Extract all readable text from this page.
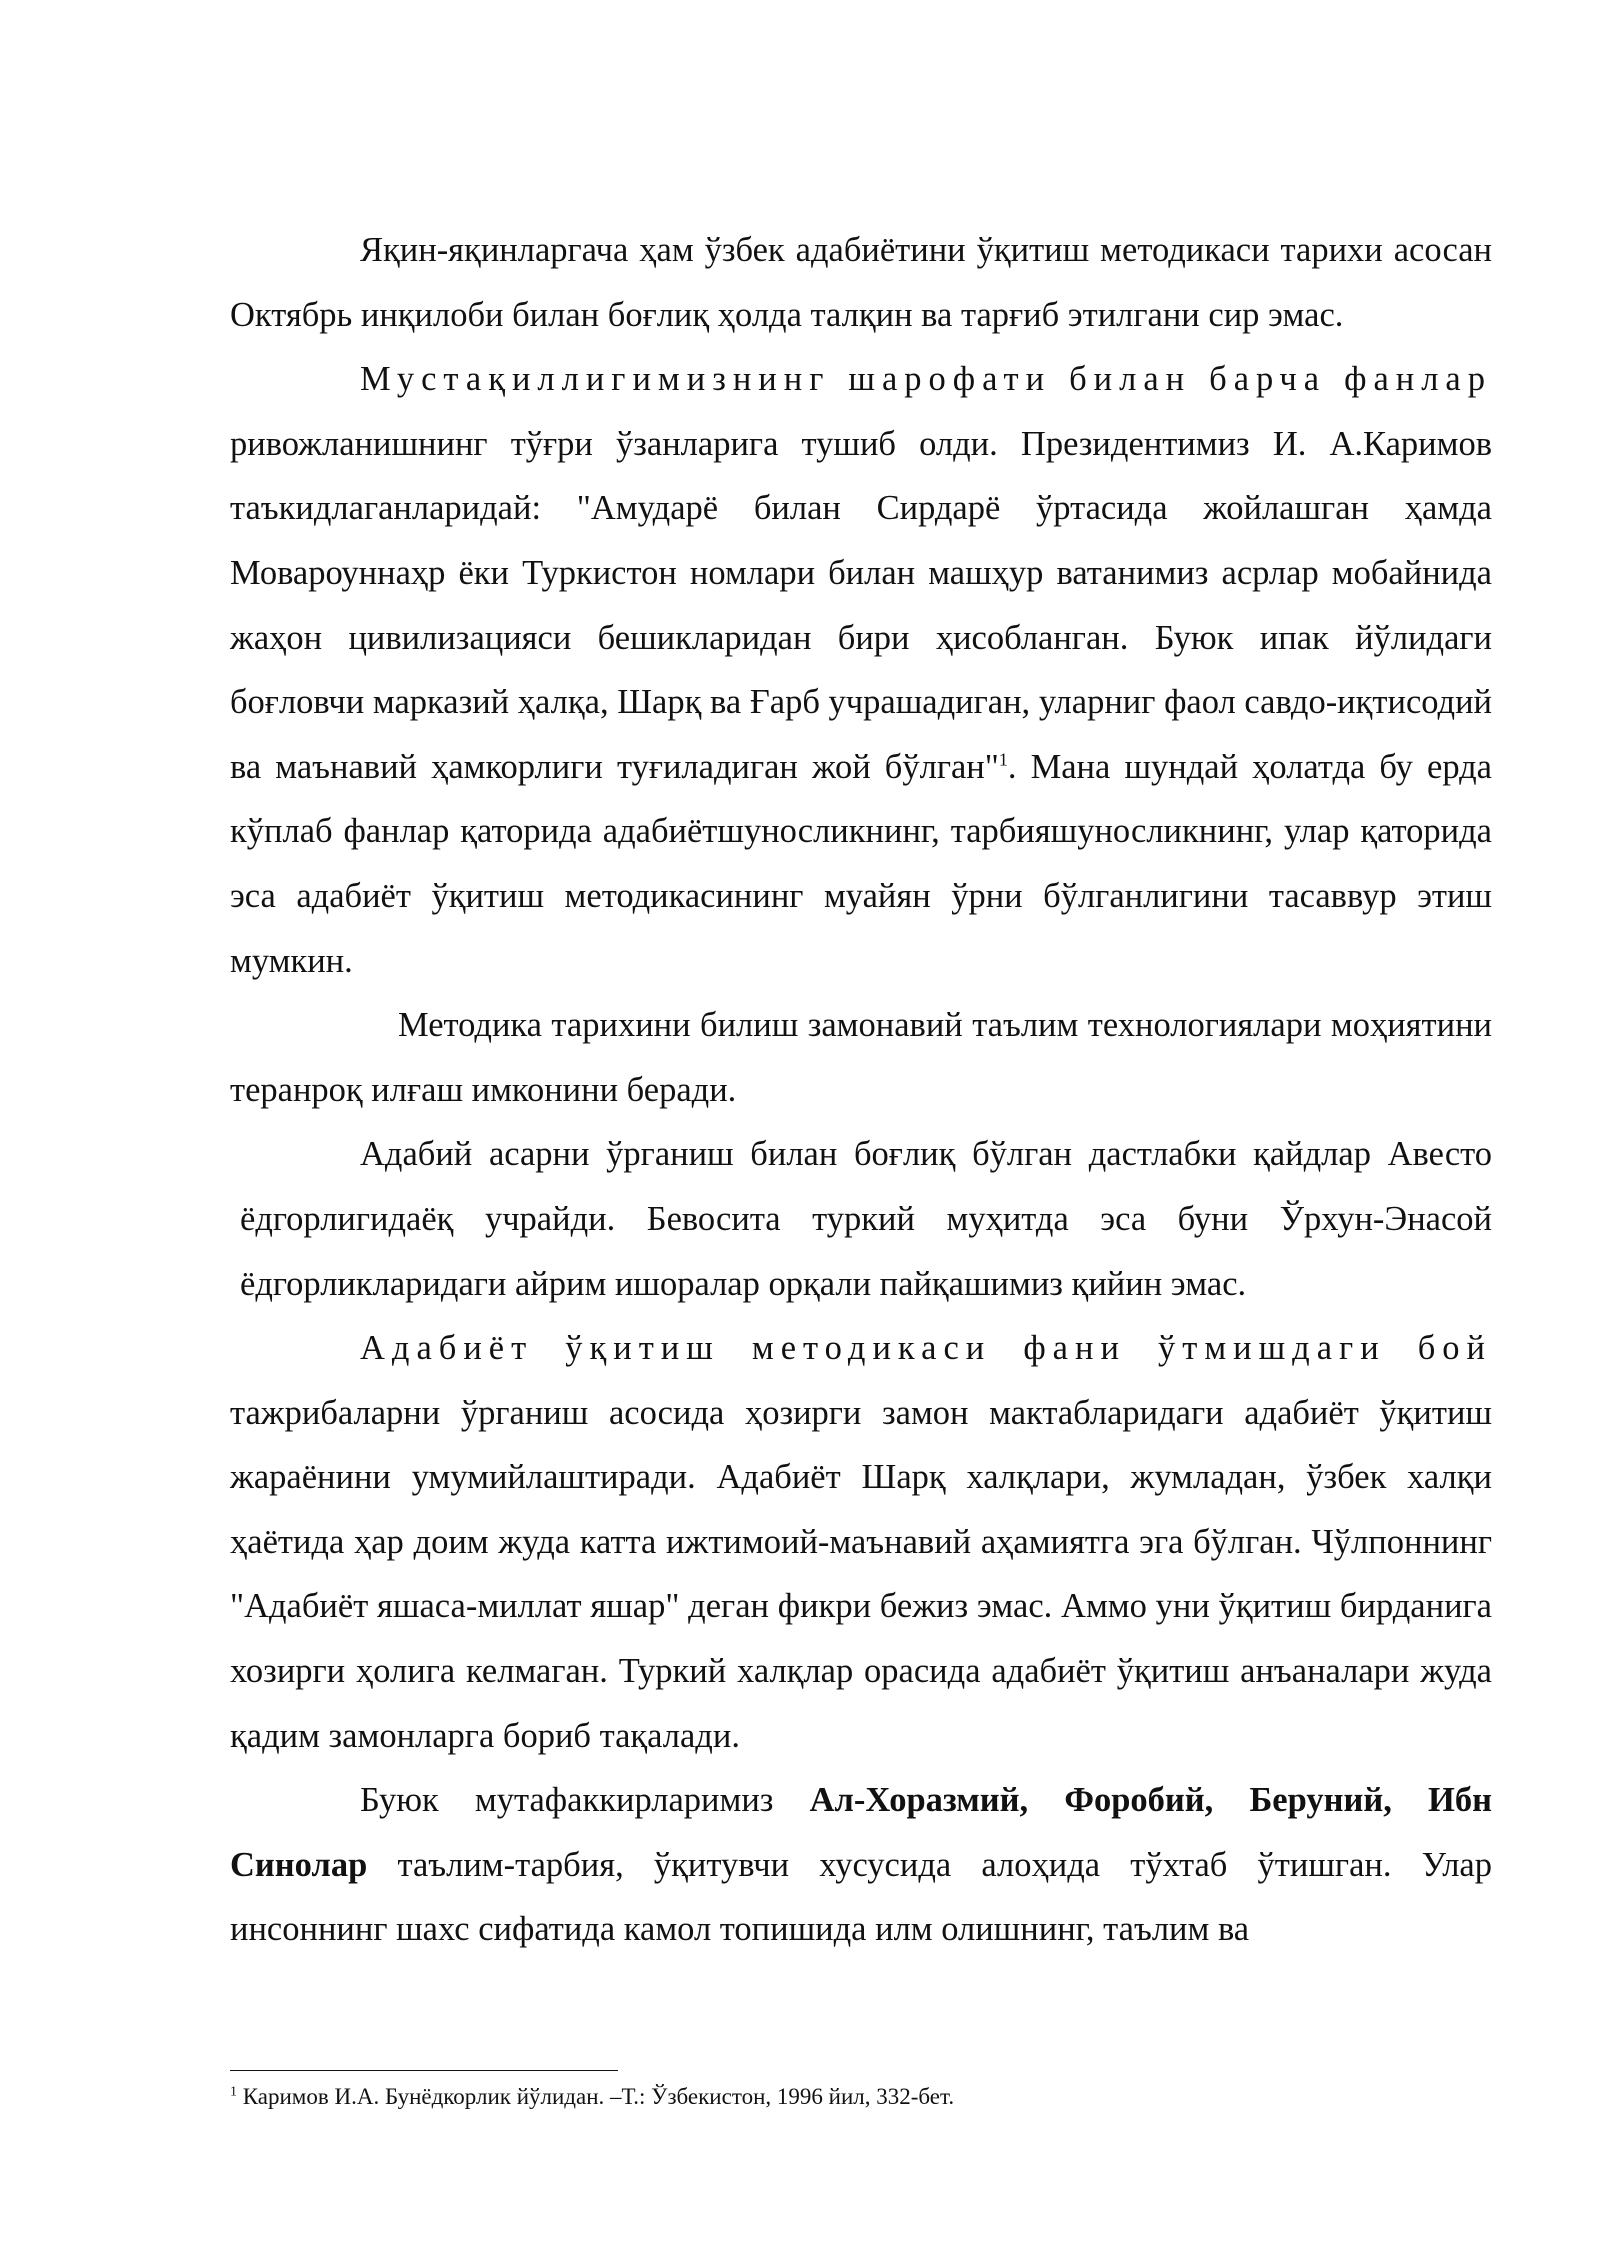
Яқин-яқинларгача ҳам ўзбек адабиётини ўқитиш методикаси тарихи асосан Октябрь инқилоби билан боғлиқ ҳолда талқин ва тарғиб этилгани сир эмас.

Мустақиллигимизнинг шарофати билан барча фанлар ривожланишнинг тўғри ўзанларига тушиб олди. Президентимиз И. А.Каримов таъкидлаганларидай: "Амударё билан Сирдарё ўртасида жойлашган ҳамда Мовароуннаҳр ёки Туркистон номлари билан машҳур ватанимиз асрлар мобайнида жаҳон цивилизацияси бешикларидан бири ҳисобланган. Буюк ипак йўлидаги боғловчи марказий ҳалқа, Шарқ ва Ғарб учрашадиган, уларниг фаол савдо-иқтисодий ва маънавий ҳамкорлиги туғиладиган жой бўлган"$^1$. Мана шундай ҳолатда бу ерда кўплаб фанлар қаторида адабиётшуносликнинг, тарбияшуносликнинг, улар қаторида эса адабиёт ўқитиш методикасининг муайян ўрни бўлганлигини тасаввур этиш мумкин.

Методика тарихини билиш замонавий таълим технологиялари моҳиятини теранроқ илғаш имконини беради.

Адабий асарни ўрганиш билан боғлиқ бўлган дастлабки қайдлар Авесто ёдгорлигидаёқ учрайди. Бевосита туркий муҳитда эса буни Ўрхун-Энасой ёдгорликларидаги айрим ишоралар орқали пайқашимиз қийин эмас.

Адабиёт ўқитиш методикаси фани ўтмишдаги бой тажрибаларни ўрганиш асосида ҳозирги замон мактабларидаги адабиёт ўқитиш жараёнини умумийлаштиради. Адабиёт Шарқ халқлари, жумладан, ўзбек халқи ҳаётида ҳар доим жуда катта ижтимоий-маънавий аҳамиятга эга бўлган. Чўлпоннинг "Адабиёт яшаса-миллат яшар" деган фикри бежиз эмас. Аммо уни ўқитиш бирданига хозирги ҳолига келмаган. Туркий халқлар орасида адабиёт ўқитиш анъаналари жуда қадим замонларга бориб тақалади.

Буюк мутафаккирларимиз Ал-Хоразмий, Форобий, Беруний, Ибн Синолар таълим-тарбия, ўқитувчи хусусида алоҳида тўхтаб ўтишган. Улар инсоннинг шахс сифатида камол топишида илм олишнинг, таълим ва

$^1$ Каримов И.А. Бунёдкорлик йўлидан. –Т.: Ўзбекистон, 1996 йил, 332-бет.
